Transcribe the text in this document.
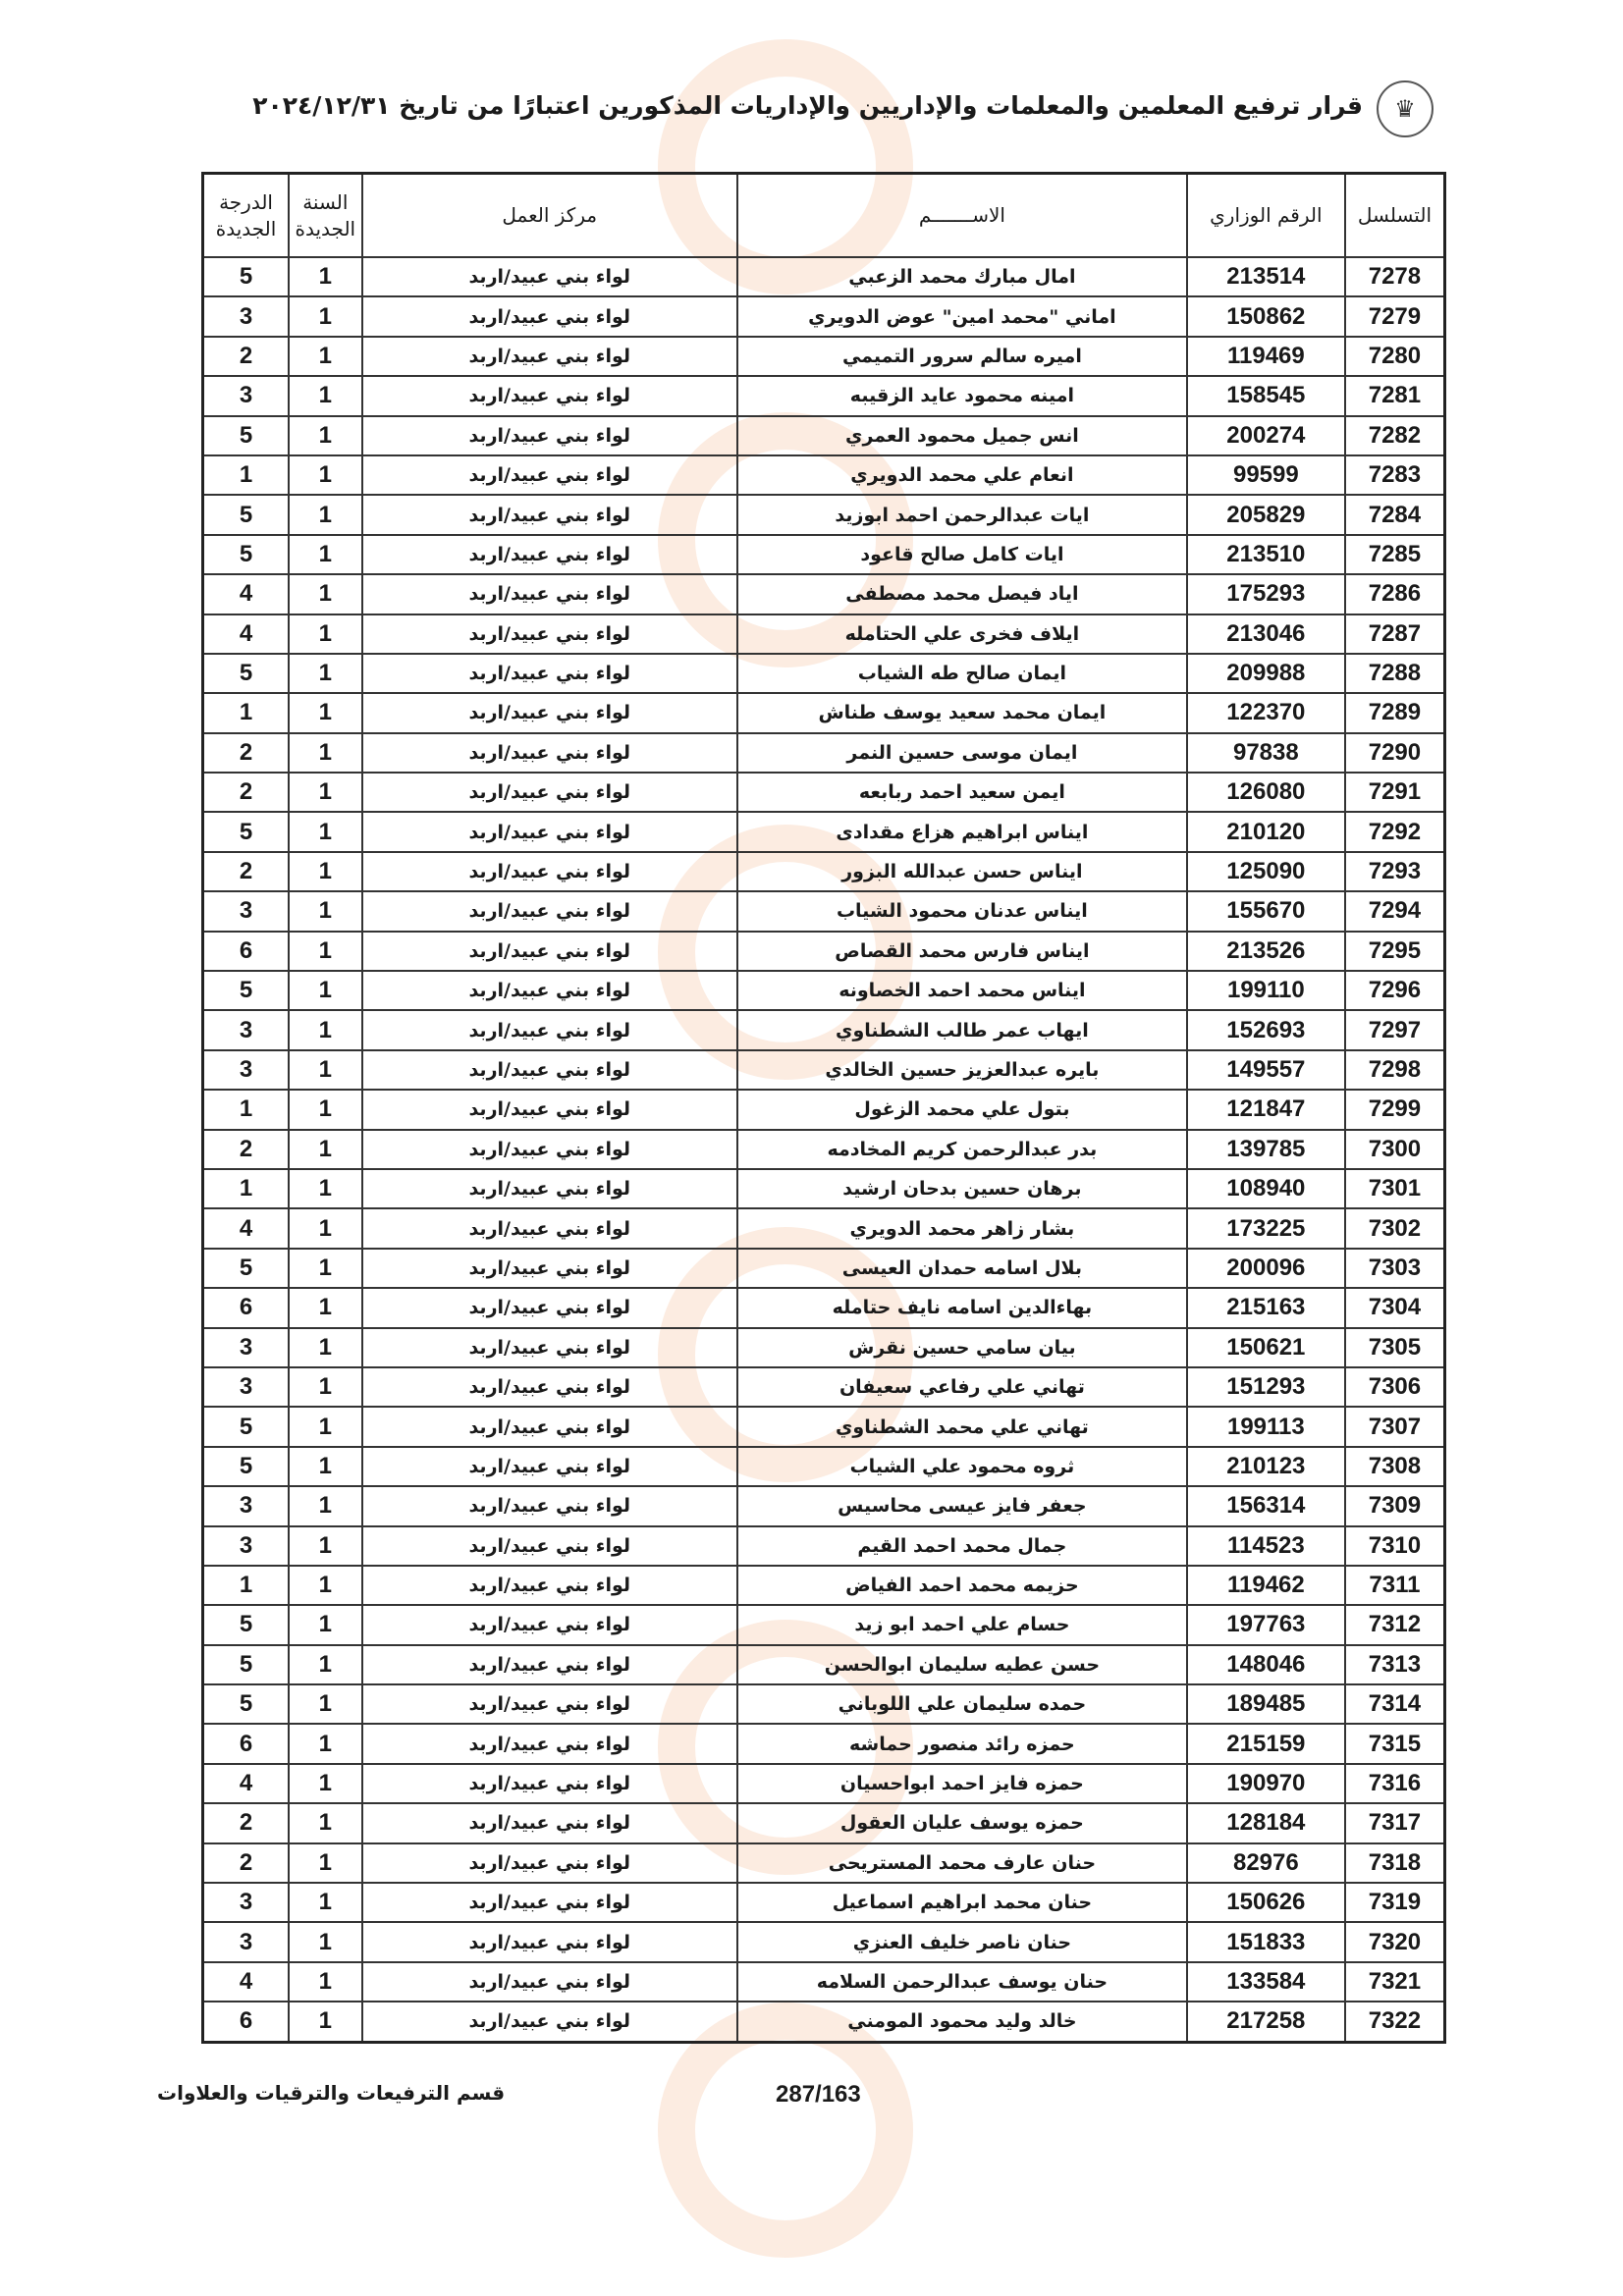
♛
قرار ترفيع المعلمين والمعلمات والإداريين والإداريات المذكورين اعتبارًا من تاريخ ٢٠٢٤/١٢/٣١
التسلسل	الرقم الوزاري	الاســـــــم	مركز العمل	السنة الجديدة	الدرجة الجديدة
7278	213514	امال مبارك محمد الزعبي	لواء بني عبيد/اربد	1	5
7279	150862	اماني "محمد امين" عوض الدويري	لواء بني عبيد/اربد	1	3
7280	119469	اميره سالم سرور التميمي	لواء بني عبيد/اربد	1	2
7281	158545	امينه محمود عايد الزقيبه	لواء بني عبيد/اربد	1	3
7282	200274	انس جميل محمود العمري	لواء بني عبيد/اربد	1	5
7283	99599	انعام علي محمد الدويري	لواء بني عبيد/اربد	1	1
7284	205829	ايات عبدالرحمن احمد ابوزيد	لواء بني عبيد/اربد	1	5
7285	213510	ايات كامل صالح قاعود	لواء بني عبيد/اربد	1	5
7286	175293	اياد فيصل محمد مصطفى	لواء بني عبيد/اربد	1	4
7287	213046	ايلاف فخرى علي الحتامله	لواء بني عبيد/اربد	1	4
7288	209988	ايمان صالح طه الشياب	لواء بني عبيد/اربد	1	5
7289	122370	ايمان محمد سعيد يوسف طناش	لواء بني عبيد/اربد	1	1
7290	97838	ايمان موسى حسين النمر	لواء بني عبيد/اربد	1	2
7291	126080	ايمن سعيد احمد ربابعه	لواء بني عبيد/اربد	1	2
7292	210120	ايناس ابراهيم هزاع مقدادى	لواء بني عبيد/اربد	1	5
7293	125090	ايناس حسن عبدالله البزور	لواء بني عبيد/اربد	1	2
7294	155670	ايناس عدنان محمود الشياب	لواء بني عبيد/اربد	1	3
7295	213526	ايناس فارس محمد القصاص	لواء بني عبيد/اربد	1	6
7296	199110	ايناس محمد احمد الخصاونه	لواء بني عبيد/اربد	1	5
7297	152693	ايهاب عمر طالب الشطناوي	لواء بني عبيد/اربد	1	3
7298	149557	بايره عبدالعزيز حسين الخالدي	لواء بني عبيد/اربد	1	3
7299	121847	بتول علي محمد الزغول	لواء بني عبيد/اربد	1	1
7300	139785	بدر عبدالرحمن كريم المخادمه	لواء بني عبيد/اربد	1	2
7301	108940	برهان حسين بدحان ارشيد	لواء بني عبيد/اربد	1	1
7302	173225	بشار زاهر محمد الدويري	لواء بني عبيد/اربد	1	4
7303	200096	بلال اسامه حمدان العيسى	لواء بني عبيد/اربد	1	5
7304	215163	بهاءالدين اسامه نايف حتامله	لواء بني عبيد/اربد	1	6
7305	150621	بيان سامي حسين نقرش	لواء بني عبيد/اربد	1	3
7306	151293	تهاني علي رفاعي سعيفان	لواء بني عبيد/اربد	1	3
7307	199113	تهاني علي محمد الشطناوي	لواء بني عبيد/اربد	1	5
7308	210123	ثروه محمود علي الشياب	لواء بني عبيد/اربد	1	5
7309	156314	جعفر فايز عيسى محاسيس	لواء بني عبيد/اربد	1	3
7310	114523	جمال محمد احمد القيم	لواء بني عبيد/اربد	1	3
7311	119462	حزيمه محمد احمد الفياض	لواء بني عبيد/اربد	1	1
7312	197763	حسام علي احمد ابو زيد	لواء بني عبيد/اربد	1	5
7313	148046	حسن عطيه سليمان ابوالحسن	لواء بني عبيد/اربد	1	5
7314	189485	حمده سليمان علي اللوباني	لواء بني عبيد/اربد	1	5
7315	215159	حمزه رائد منصور حماشه	لواء بني عبيد/اربد	1	6
7316	190970	حمزه فايز احمد ابواحسيان	لواء بني عبيد/اربد	1	4
7317	128184	حمزه يوسف عليان العقول	لواء بني عبيد/اربد	1	2
7318	82976	حنان عارف محمد المستريحى	لواء بني عبيد/اربد	1	2
7319	150626	حنان محمد ابراهيم اسماعيل	لواء بني عبيد/اربد	1	3
7320	151833	حنان ناصر خليف العنزي	لواء بني عبيد/اربد	1	3
7321	133584	حنان يوسف عبدالرحمن السلامه	لواء بني عبيد/اربد	1	4
7322	217258	خالد وليد محمود المومني	لواء بني عبيد/اربد	1	6
287/163
قسم الترفيعات والترقيات والعلاوات
